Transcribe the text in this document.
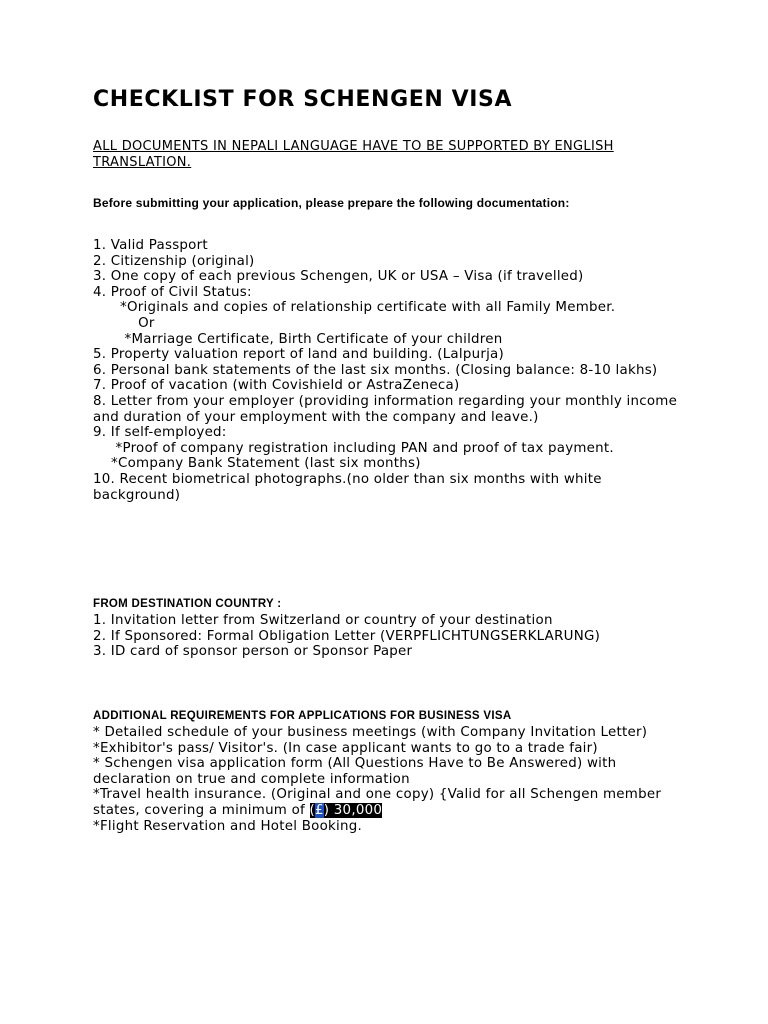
CHECKLIST FOR SCHENGEN VISA
ALL DOCUMENTS IN NEPALI LANGUAGE HAVE TO BE SUPPORTED BY ENGLISH TRANSLATION.
Before submitting your application, please prepare the following documentation:
1. Valid Passport
2. Citizenship (original)
3. One copy of each previous Schengen, UK or USA – Visa (if travelled)
4. Proof of Civil Status:
*Originals and copies of relationship certificate with all Family Member.
Or
*Marriage Certificate, Birth Certificate of your children
5. Property valuation report of land and building. (Lalpurja)
6. Personal bank statements of the last six months. (Closing balance: 8-10 lakhs)
7. Proof of vacation (with Covishield or AstraZeneca)
8. Letter from your employer (providing information regarding your monthly income and duration of your employment with the company and leave.)
9. If self-employed:
*Proof of company registration including PAN and proof of tax payment.
*Company Bank Statement (last six months)
10. Recent biometrical photographs.(no older than six months with white background)
FROM DESTINATION COUNTRY :
1. Invitation letter from Switzerland or country of your destination
2. If Sponsored: Formal Obligation Letter (VERPFLICHTUNGSERKLARUNG)
3. ID card of sponsor person or Sponsor Paper
ADDITIONAL REQUIREMENTS FOR APPLICATIONS FOR BUSINESS VISA
* Detailed schedule of your business meetings (with Company Invitation Letter)
*Exhibitor's pass/ Visitor's. (In case applicant wants to go to a trade fair)
* Schengen visa application form (All Questions Have to Be Answered) with declaration on true and complete information
*Travel health insurance. (Original and one copy) {Valid for all Schengen member states, covering a minimum of (£) 30,000
*Flight Reservation and Hotel Booking.
